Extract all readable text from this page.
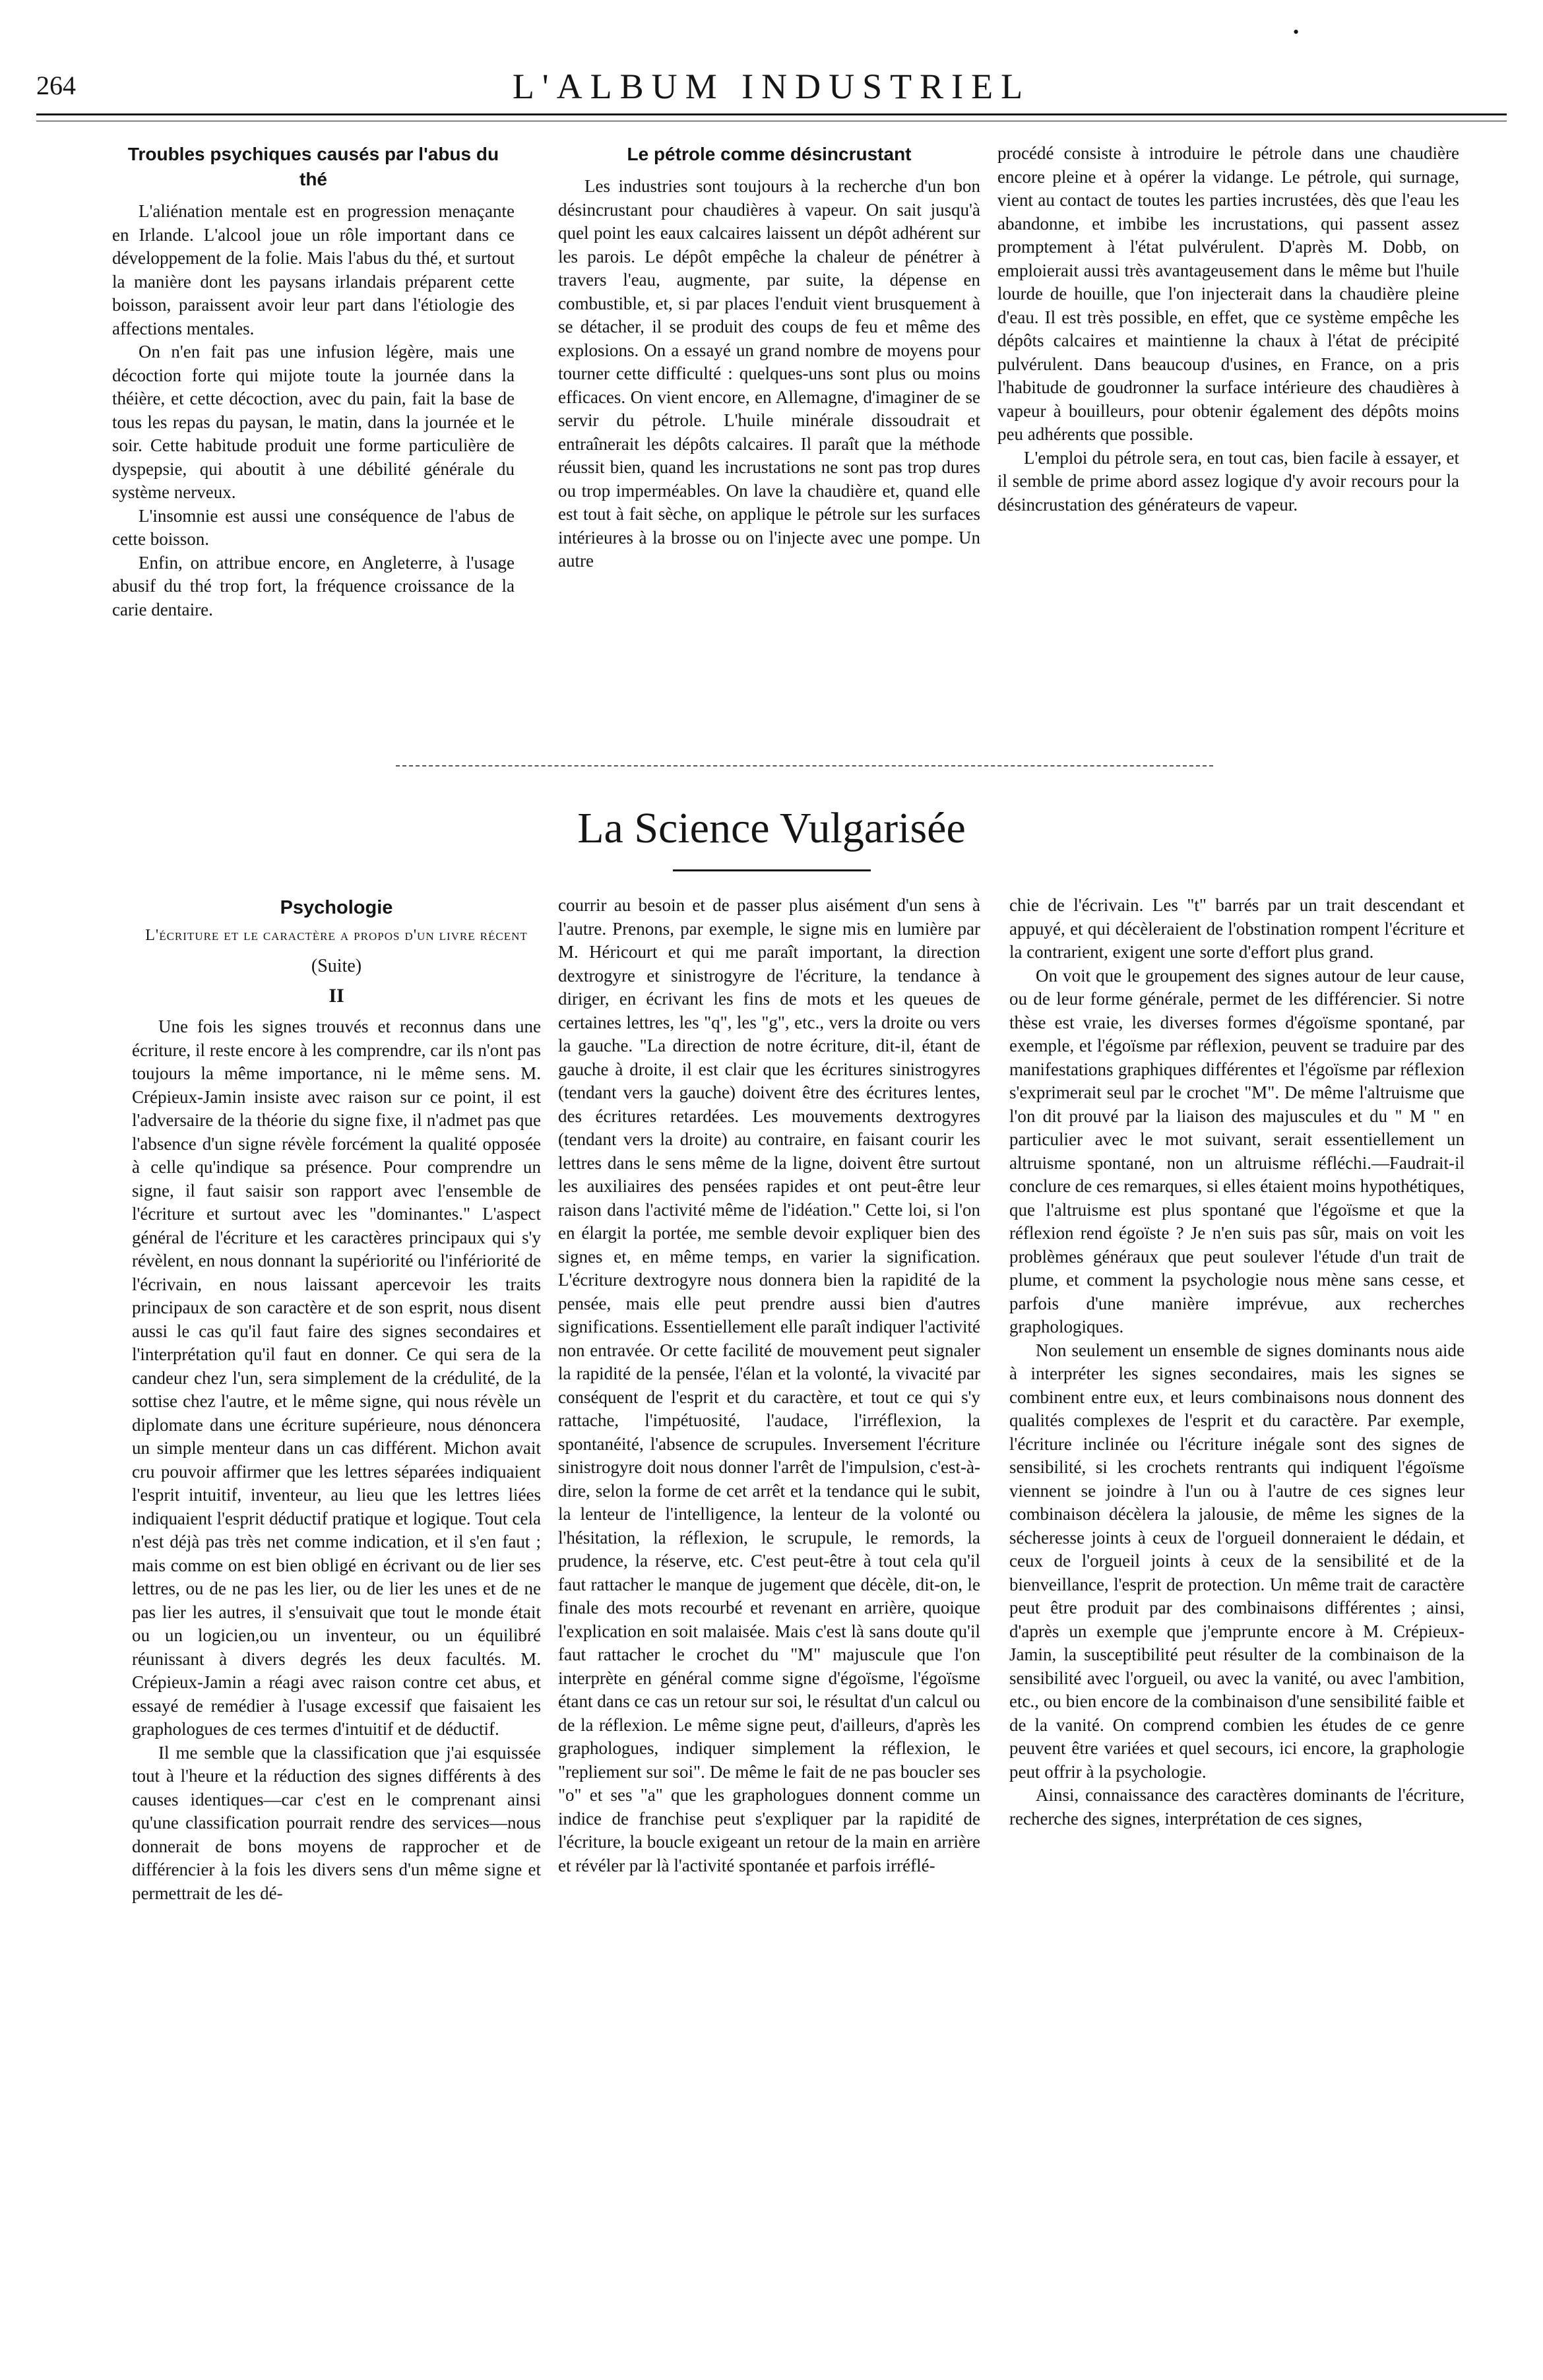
•
264	L'ALBUM INDUSTRIEL
Troubles psychiques causés par l'abus du thé

L'aliénation mentale est en progression menaçante en Irlande. L'alcool joue un rôle important dans ce développement de la folie. Mais l'abus du thé, et surtout la manière dont les paysans irlandais préparent cette boisson, paraissent avoir leur part dans l'étiologie des affections mentales.

On n'en fait pas une infusion légère, mais une décoction forte qui mijote toute la journée dans la théière, et cette décoction, avec du pain, fait la base de tous les repas du paysan, le matin, dans la journée et le soir. Cette habitude produit une forme particulière de dyspepsie, qui aboutit à une débilité générale du système nerveux.

L'insomnie est aussi une conséquence de l'abus de cette boisson.

Enfin, on attribue encore, en Angleterre, à l'usage abusif du thé trop fort, la fréquence croissance de la carie dentaire.

Le pétrole comme désincrustant

Les industries sont toujours à la recherche d'un bon désincrustant pour chaudières à vapeur. On sait jusqu'à quel point les eaux calcaires laissent un dépôt adhérent sur les parois. Le dépôt empêche la chaleur de pénétrer à travers l'eau, augmente, par suite, la dépense en combustible, et, si par places l'enduit vient brusquement à se détacher, il se produit des coups de feu et même des explosions. On a essayé un grand nombre de moyens pour tourner cette difficulté : quelques-uns sont plus ou moins efficaces. On vient encore, en Allemagne, d'imaginer de se servir du pétrole. L'huile minérale dissoudrait et entraînerait les dépôts calcaires. Il paraît que la méthode réussit bien, quand les incrustations ne sont pas trop dures ou trop imperméables. On lave la chaudière et, quand elle est tout à fait sèche, on applique le pétrole sur les surfaces intérieures à la brosse ou on l'injecte avec une pompe. Un autre

procédé consiste à introduire le pétrole dans une chaudière encore pleine et à opérer la vidange. Le pétrole, qui surnage, vient au contact de toutes les parties incrustées, dès que l'eau les abandonne, et imbibe les incrustations, qui passent assez promptement à l'état pulvérulent. D'après M. Dobb, on emploierait aussi très avantageusement dans le même but l'huile lourde de houille, que l'on injecterait dans la chaudière pleine d'eau. Il est très possible, en effet, que ce système empêche les dépôts calcaires et maintienne la chaux à l'état de précipité pulvérulent. Dans beaucoup d'usines, en France, on a pris l'habitude de goudronner la surface intérieure des chaudières à vapeur à bouilleurs, pour obtenir également des dépôts moins peu adhérents que possible.

L'emploi du pétrole sera, en tout cas, bien facile à essayer, et il semble de prime abord assez logique d'y avoir recours pour la désincrustation des générateurs de vapeur.

La Science Vulgarisée
Psychologie
L'écriture et le caractère a propos d'un livre récent
(Suite)
II

Une fois les signes trouvés et reconnus dans une écriture, il reste encore à les comprendre, car ils n'ont pas toujours la même importance, ni le même sens. M. Crépieux-Jamin insiste avec raison sur ce point, il est l'adversaire de la théorie du signe fixe, il n'admet pas que l'absence d'un signe révèle forcément la qualité opposée à celle qu'indique sa présence. Pour comprendre un signe, il faut saisir son rapport avec l'ensemble de l'écriture et surtout avec les "dominantes." L'aspect général de l'écriture et les caractères principaux qui s'y révèlent, en nous donnant la supériorité ou l'infériorité de l'écrivain, en nous laissant apercevoir les traits principaux de son caractère et de son esprit, nous disent aussi le cas qu'il faut faire des signes secondaires et l'interprétation qu'il faut en donner. Ce qui sera de la candeur chez l'un, sera simplement de la crédulité, de la sottise chez l'autre, et le même signe, qui nous révèle un diplomate dans une écriture supérieure, nous dénoncera un simple menteur dans un cas différent. Michon avait cru pouvoir affirmer que les lettres séparées indiquaient l'esprit intuitif, inventeur, au lieu que les lettres liées indiquaient l'esprit déductif pratique et logique. Tout cela n'est déjà pas très net comme indication, et il s'en faut ; mais comme on est bien obligé en écrivant ou de lier ses lettres, ou de ne pas les lier, ou de lier les unes et de ne pas lier les autres, il s'ensuivait que tout le monde était ou un logicien,ou un inventeur, ou un équilibré réunissant à divers degrés les deux facultés. M. Crépieux-Jamin a réagi avec raison contre cet abus, et essayé de remédier à l'usage excessif que faisaient les graphologues de ces termes d'intuitif et de déductif.

Il me semble que la classification que j'ai esquissée tout à l'heure et la réduction des signes différents à des causes identiques—car c'est en le comprenant ainsi qu'une classification pourrait rendre des services—nous donnerait de bons moyens de rapprocher et de différencier à la fois les divers sens d'un même signe et permettrait de les dé-

courrir au besoin et de passer plus aisément d'un sens à l'autre. Prenons, par exemple, le signe mis en lumière par M. Héricourt et qui me paraît important, la direction dextrogyre et sinistrogyre de l'écriture, la tendance à diriger, en écrivant les fins de mots et les queues de certaines lettres, les "q", les "g", etc., vers la droite ou vers la gauche. "La direction de notre écriture, dit-il, étant de gauche à droite, il est clair que les écritures sinistrogyres (tendant vers la gauche) doivent être des écritures lentes, des écritures retardées. Les mouvements dextrogyres (tendant vers la droite) au contraire, en faisant courir les lettres dans le sens même de la ligne, doivent être surtout les auxiliaires des pensées rapides et ont peut-être leur raison dans l'activité même de l'idéation." Cette loi, si l'on en élargit la portée, me semble devoir expliquer bien des signes et, en même temps, en varier la signification. L'écriture dextrogyre nous donnera bien la rapidité de la pensée, mais elle peut prendre aussi bien d'autres significations. Essentiellement elle paraît indiquer l'activité non entravée. Or cette facilité de mouvement peut signaler la rapidité de la pensée, l'élan et la volonté, la vivacité par conséquent de l'esprit et du caractère, et tout ce qui s'y rattache, l'impétuosité, l'audace, l'irréflexion, la spontanéité, l'absence de scrupules. Inversement l'écriture sinistrogyre doit nous donner l'arrêt de l'impulsion, c'est-à-dire, selon la forme de cet arrêt et la tendance qui le subit, la lenteur de l'intelligence, la lenteur de la volonté ou l'hésitation, la réflexion, le scrupule, le remords, la prudence, la réserve, etc. C'est peut-être à tout cela qu'il faut rattacher le manque de jugement que décèle, dit-on, le finale des mots recourbé et revenant en arrière, quoique l'explication en soit malaisée. Mais c'est là sans doute qu'il faut rattacher le crochet du "M" majuscule que l'on interprète en général comme signe d'égoïsme, l'égoïsme étant dans ce cas un retour sur soi, le résultat d'un calcul ou de la réflexion. Le même signe peut, d'ailleurs, d'après les graphologues, indiquer simplement la réflexion, le "repliement sur soi". De même le fait de ne pas boucler ses "o" et ses "a" que les graphologues donnent comme un indice de franchise peut s'expliquer par la rapidité de l'écriture, la boucle exigeant un retour de la main en arrière et révéler par là l'activité spontanée et parfois irréflé-

chie de l'écrivain. Les "t" barrés par un trait descendant et appuyé, et qui décèleraient de l'obstination rompent l'écriture et la contrarient, exigent une sorte d'effort plus grand.

On voit que le groupement des signes autour de leur cause, ou de leur forme générale, permet de les différencier. Si notre thèse est vraie, les diverses formes d'égoïsme spontané, par exemple, et l'égoïsme par réflexion, peuvent se traduire par des manifestations graphiques différentes et l'égoïsme par réflexion s'exprimerait seul par le crochet "M". De même l'altruisme que l'on dit prouvé par la liaison des majuscules et du " M " en particulier avec le mot suivant, serait essentiellement un altruisme spontané, non un altruisme réfléchi.—Faudrait-il conclure de ces remarques, si elles étaient moins hypothétiques, que l'altruisme est plus spontané que l'égoïsme et que la réflexion rend égoïste ? Je n'en suis pas sûr, mais on voit les problèmes généraux que peut soulever l'étude d'un trait de plume, et comment la psychologie nous mène sans cesse, et parfois d'une manière imprévue, aux recherches graphologiques.

Non seulement un ensemble de signes dominants nous aide à interpréter les signes secondaires, mais les signes se combinent entre eux, et leurs combinaisons nous donnent des qualités complexes de l'esprit et du caractère. Par exemple, l'écriture inclinée ou l'écriture inégale sont des signes de sensibilité, si les crochets rentrants qui indiquent l'égoïsme viennent se joindre à l'un ou à l'autre de ces signes leur combinaison décèlera la jalousie, de même les signes de la sécheresse joints à ceux de l'orgueil donneraient le dédain, et ceux de l'orgueil joints à ceux de la sensibilité et de la bienveillance, l'esprit de protection. Un même trait de caractère peut être produit par des combinaisons différentes ; ainsi, d'après un exemple que j'emprunte encore à M. Crépieux-Jamin, la susceptibilité peut résulter de la combinaison de la sensibilité avec l'orgueil, ou avec la vanité, ou avec l'ambition, etc., ou bien encore de la combinaison d'une sensibilité faible et de la vanité. On comprend combien les études de ce genre peuvent être variées et quel secours, ici encore, la graphologie peut offrir à la psychologie.

Ainsi, connaissance des caractères dominants de l'écriture, recherche des signes, interprétation de ces signes,
